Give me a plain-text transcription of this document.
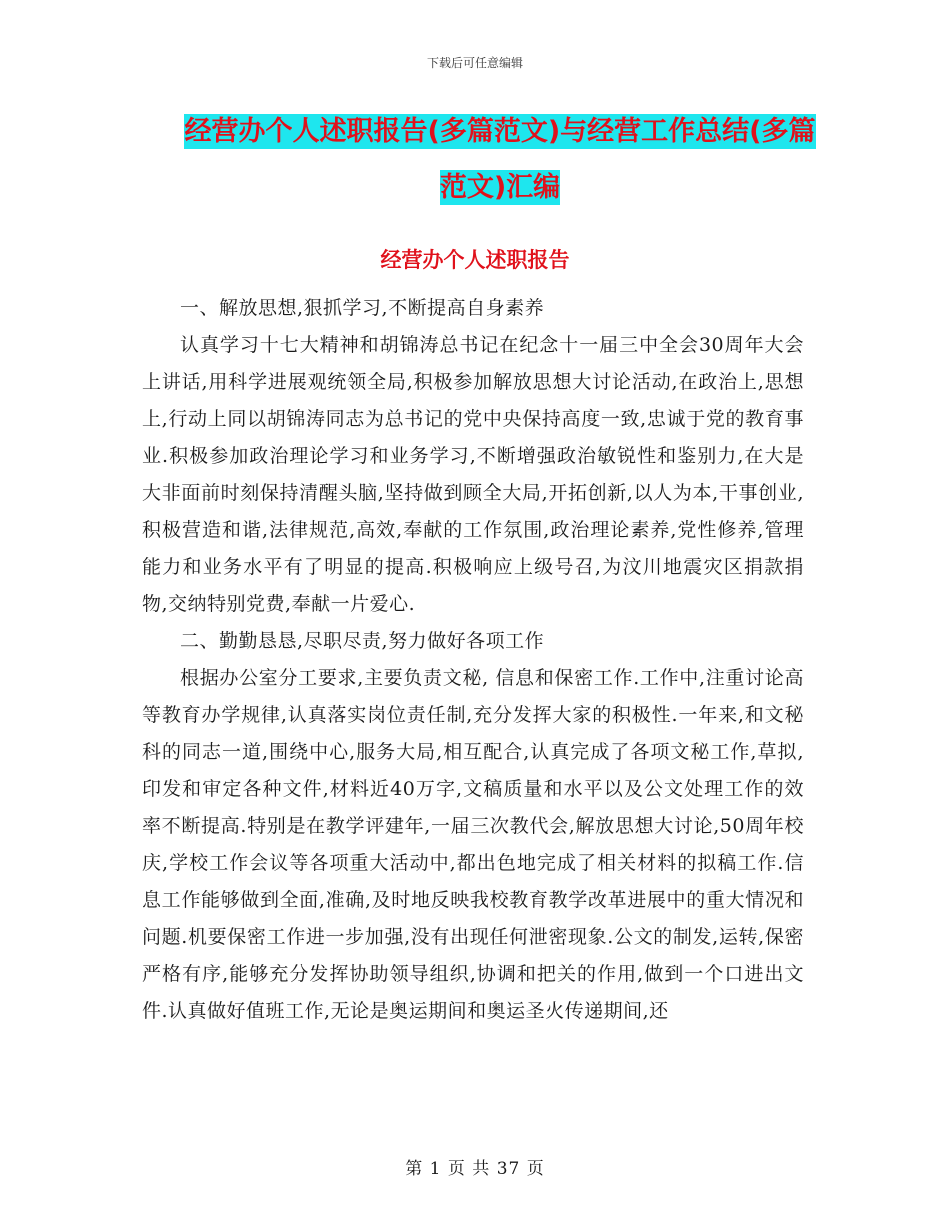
下载后可任意编辑
经营办个人述职报告(多篇范文)与经营工作总结(多篇
范文)汇编
经营办个人述职报告

一、解放思想,狠抓学习,不断提高自身素养

认真学习十七大精神和胡锦涛总书记在纪念十一届三中全会30周年大会上讲话,用科学进展观统领全局,积极参加解放思想大讨论活动,在政治上,思想上,行动上同以胡锦涛同志为总书记的党中央保持高度一致,忠诚于党的教育事业.积极参加政治理论学习和业务学习,不断增强政治敏锐性和鉴别力,在大是大非面前时刻保持清醒头脑,坚持做到顾全大局,开拓创新,以人为本,干事创业,积极营造和谐,法律规范,高效,奉献的工作氛围,政治理论素养,党性修养,管理能力和业务水平有了明显的提高.积极响应上级号召,为汶川地震灾区捐款捐物,交纳特别党费,奉献一片爱心.

二、勤勤恳恳,尽职尽责,努力做好各项工作

根据办公室分工要求,主要负责文秘, 信息和保密工作.工作中,注重讨论高等教育办学规律,认真落实岗位责任制,充分发挥大家的积极性.一年来,和文秘科的同志一道,围绕中心,服务大局,相互配合,认真完成了各项文秘工作,草拟,印发和审定各种文件,材料近40万字,文稿质量和水平以及公文处理工作的效率不断提高.特别是在教学评建年,一届三次教代会,解放思想大讨论,50周年校庆,学校工作会议等各项重大活动中,都出色地完成了相关材料的拟稿工作.信息工作能够做到全面,准确,及时地反映我校教育教学改革进展中的重大情况和问题.机要保密工作进一步加强,没有出现任何泄密现象.公文的制发,运转,保密严格有序,能够充分发挥协助领导组织,协调和把关的作用,做到一个口进出文件.认真做好值班工作,无论是奥运期间和奥运圣火传递期间,还

第 1 页 共 37 页
